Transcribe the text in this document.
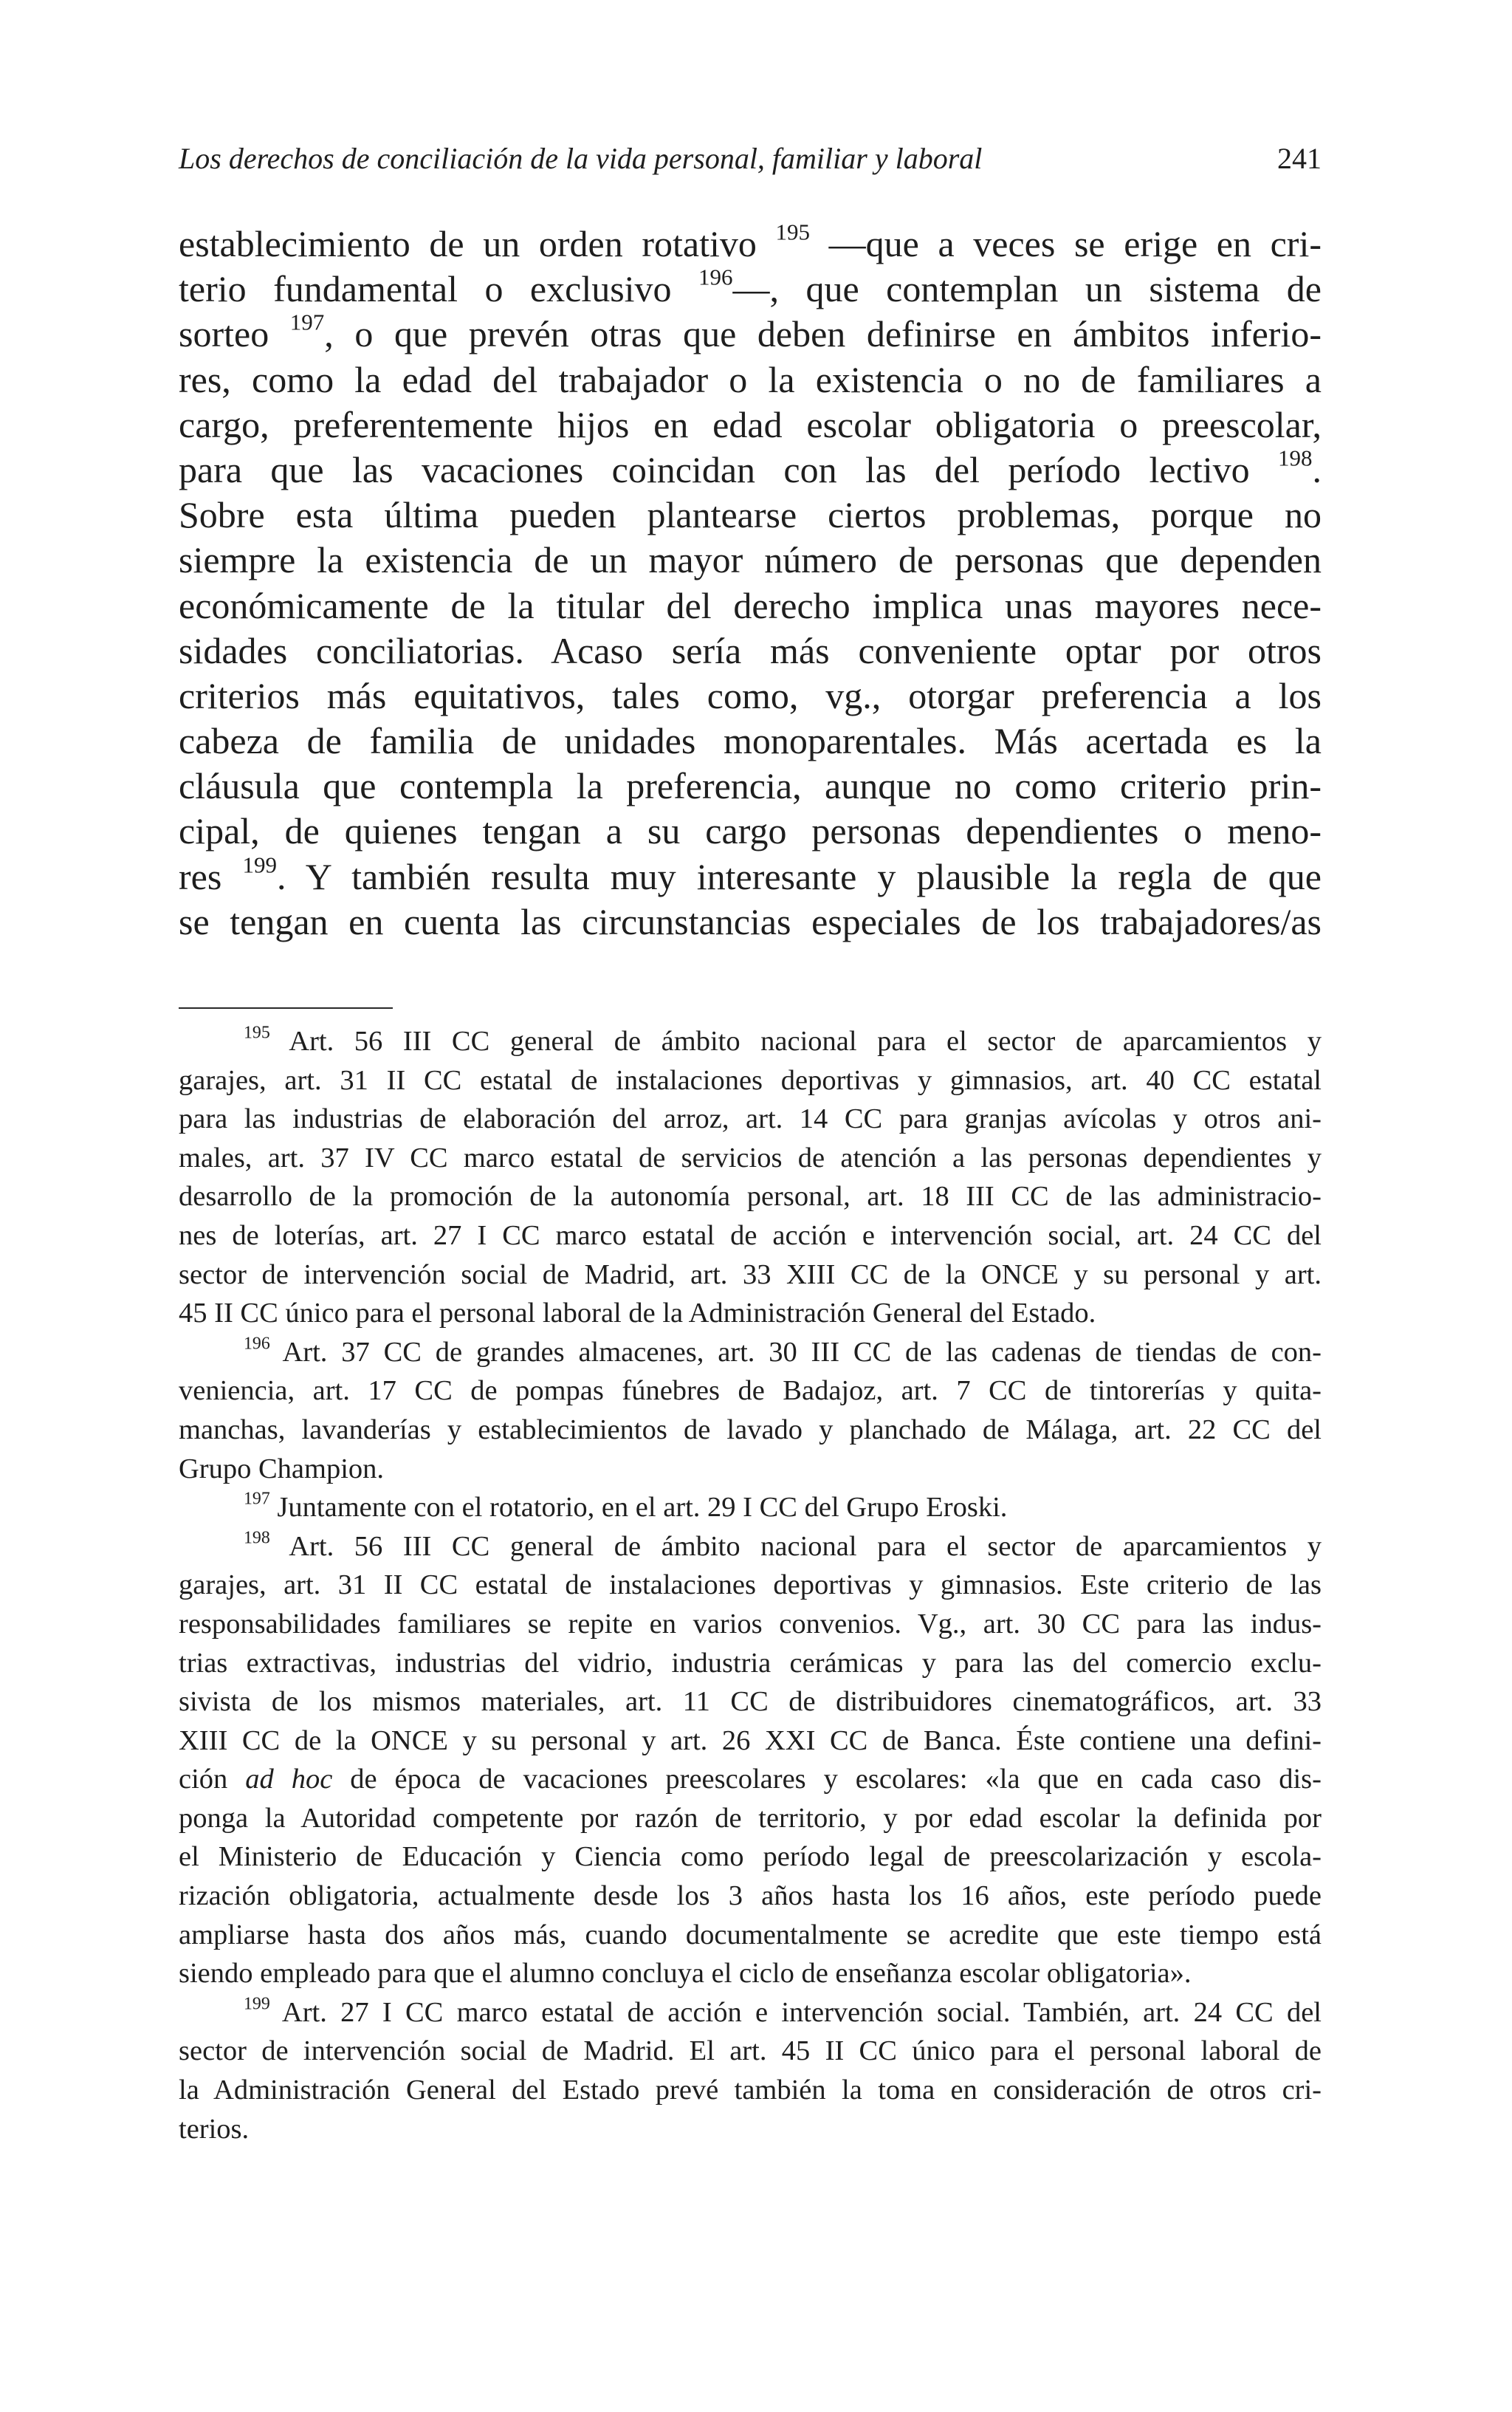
Los derechos de conciliación de la vida personal, familiar y laboral	241
establecimiento de un orden rotativo $^{195}$ —que a veces se erige en cri-
terio fundamental o exclusivo $^{196}$—, que contemplan un sistema de
sorteo $^{197}$, o que prevén otras que deben definirse en ámbitos inferio-
res, como la edad del trabajador o la existencia o no de familiares a
cargo, preferentemente hijos en edad escolar obligatoria o preescolar,
para que las vacaciones coincidan con las del período lectivo $^{198}$.
Sobre esta última pueden plantearse ciertos problemas, porque no
siempre la existencia de un mayor número de personas que dependen
económicamente de la titular del derecho implica unas mayores nece-
sidades conciliatorias. Acaso sería más conveniente optar por otros
criterios más equitativos, tales como, vg., otorgar preferencia a los
cabeza de familia de unidades monoparentales. Más acertada es la
cláusula que contempla la preferencia, aunque no como criterio prin-
cipal, de quienes tengan a su cargo personas dependientes o meno-
res $^{199}$. Y también resulta muy interesante y plausible la regla de que
se tengan en cuenta las circunstancias especiales de los trabajadores/as
$^{195}$ Art. 56 III CC general de ámbito nacional para el sector de aparcamientos y
garajes, art. 31 II CC estatal de instalaciones deportivas y gimnasios, art. 40 CC estatal
para las industrias de elaboración del arroz, art. 14 CC para granjas avícolas y otros ani-
males, art. 37 IV CC marco estatal de servicios de atención a las personas dependientes y
desarrollo de la promoción de la autonomía personal, art. 18 III CC de las administracio-
nes de loterías, art. 27 I CC marco estatal de acción e intervención social, art. 24 CC del
sector de intervención social de Madrid, art. 33 XIII CC de la ONCE y su personal y art.
45 II CC único para el personal laboral de la Administración General del Estado.
$^{196}$ Art. 37 CC de grandes almacenes, art. 30 III CC de las cadenas de tiendas de con-
veniencia, art. 17 CC de pompas fúnebres de Badajoz, art. 7 CC de tintorerías y quita-
manchas, lavanderías y establecimientos de lavado y planchado de Málaga, art. 22 CC del
Grupo Champion.
$^{197}$ Juntamente con el rotatorio, en el art. 29 I CC del Grupo Eroski.
$^{198}$ Art. 56 III CC general de ámbito nacional para el sector de aparcamientos y
garajes, art. 31 II CC estatal de instalaciones deportivas y gimnasios. Este criterio de las
responsabilidades familiares se repite en varios convenios. Vg., art. 30 CC para las indus-
trias extractivas, industrias del vidrio, industria cerámicas y para las del comercio exclu-
sivista de los mismos materiales, art. 11 CC de distribuidores cinematográficos, art. 33
XIII CC de la ONCE y su personal y art. 26 XXI CC de Banca. Éste contiene una defini-
ción ad hoc de época de vacaciones preescolares y escolares: «la que en cada caso dis-
ponga la Autoridad competente por razón de territorio, y por edad escolar la definida por
el Ministerio de Educación y Ciencia como período legal de preescolarización y escola-
rización obligatoria, actualmente desde los 3 años hasta los 16 años, este período puede
ampliarse hasta dos años más, cuando documentalmente se acredite que este tiempo está
siendo empleado para que el alumno concluya el ciclo de enseñanza escolar obligatoria».
$^{199}$ Art. 27 I CC marco estatal de acción e intervención social. También, art. 24 CC del
sector de intervención social de Madrid. El art. 45 II CC único para el personal laboral de
la Administración General del Estado prevé también la toma en consideración de otros cri-
terios.
